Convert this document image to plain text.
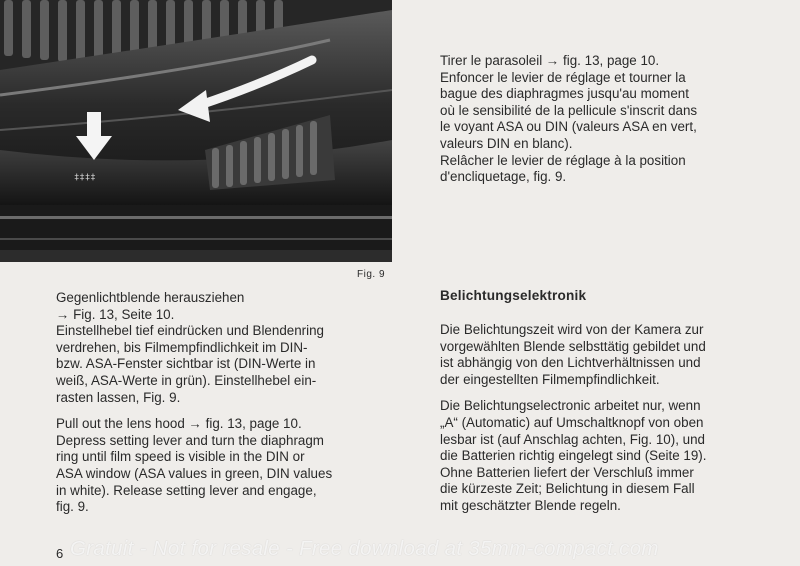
‡‡‡‡
Fig. 9

Gegenlichtblende herausziehen
→ Fig. 13, Seite 10.
Einstellhebel tief eindrücken und Blendenring
verdrehen, bis Filmempfindlichkeit im DIN-
bzw. ASA-Fenster sichtbar ist (DIN-Werte in
weiß, ASA-Werte in grün). Einstellhebel ein-
rasten lassen, Fig. 9.

Pull out the lens hood → fig. 13, page 10.
Depress setting lever and turn the diaphragm
ring until film speed is visible in the DIN or
ASA window (ASA values in green, DIN values
in white). Release setting lever and engage,
fig. 9.

Tirer le parasoleil → fig. 13, page 10.
Enfoncer le levier de réglage et tourner la
bague des diaphragmes jusqu'au moment
où le sensibilité de la pellicule s'inscrit dans
le voyant ASA ou DIN (valeurs ASA en vert,
valeurs DIN en blanc).
Relâcher le levier de réglage à la position
d'encliquetage, fig. 9.

Belichtungselektronik

Die Belichtungszeit wird von der Kamera zur
vorgewählten Blende selbsttätig gebildet und
ist abhängig von den Lichtverhältnissen und
der eingestellten Filmempfindlichkeit.

Die Belichtungselectronic arbeitet nur, wenn
„A“ (Automatic) auf Umschaltknopf von oben
lesbar ist (auf Anschlag achten, Fig. 10), und
die Batterien richtig eingelegt sind (Seite 19).
Ohne Batterien liefert der Verschluß immer
die kürzeste Zeit; Belichtung in diesem Fall
mit geschätzter Blende regeln.

6 Gratuit - Not for resale - Free download at 35mm-compact.com
